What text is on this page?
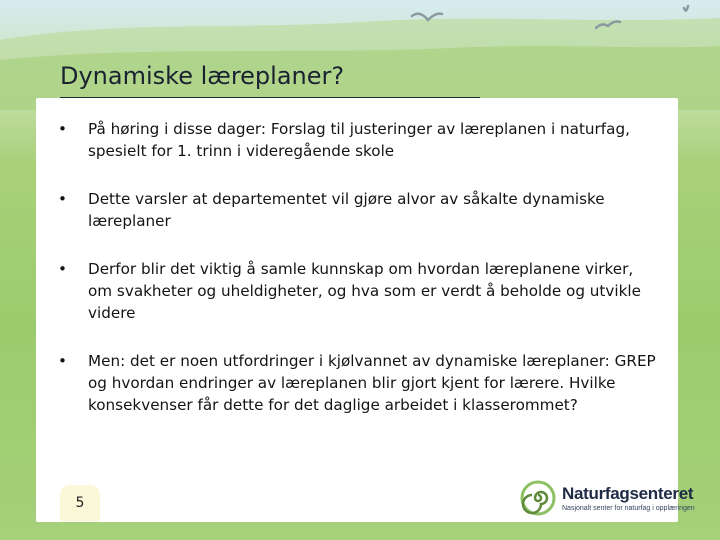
Dynamiske læreplaner?
• På høring i disse dager: Forslag til justeringer av læreplanen i naturfag, spesielt for 1. trinn i videregående skole
• Dette varsler at departementet vil gjøre alvor av såkalte dynamiske læreplaner
• Derfor blir det viktig å samle kunnskap om hvordan læreplanene virker, om svakheter og uheldigheter, og hva som er verdt å beholde og utvikle videre
• Men: det er noen utfordringer i kjølvannet av dynamiske læreplaner: GREP og hvordan endringer av læreplanen blir gjort kjent for lærere. Hvilke konsekvenser får dette for det daglige arbeidet i klasserommet?
5	Naturfagsenteret
Nasjonalt senter for naturfag i opplæringen
